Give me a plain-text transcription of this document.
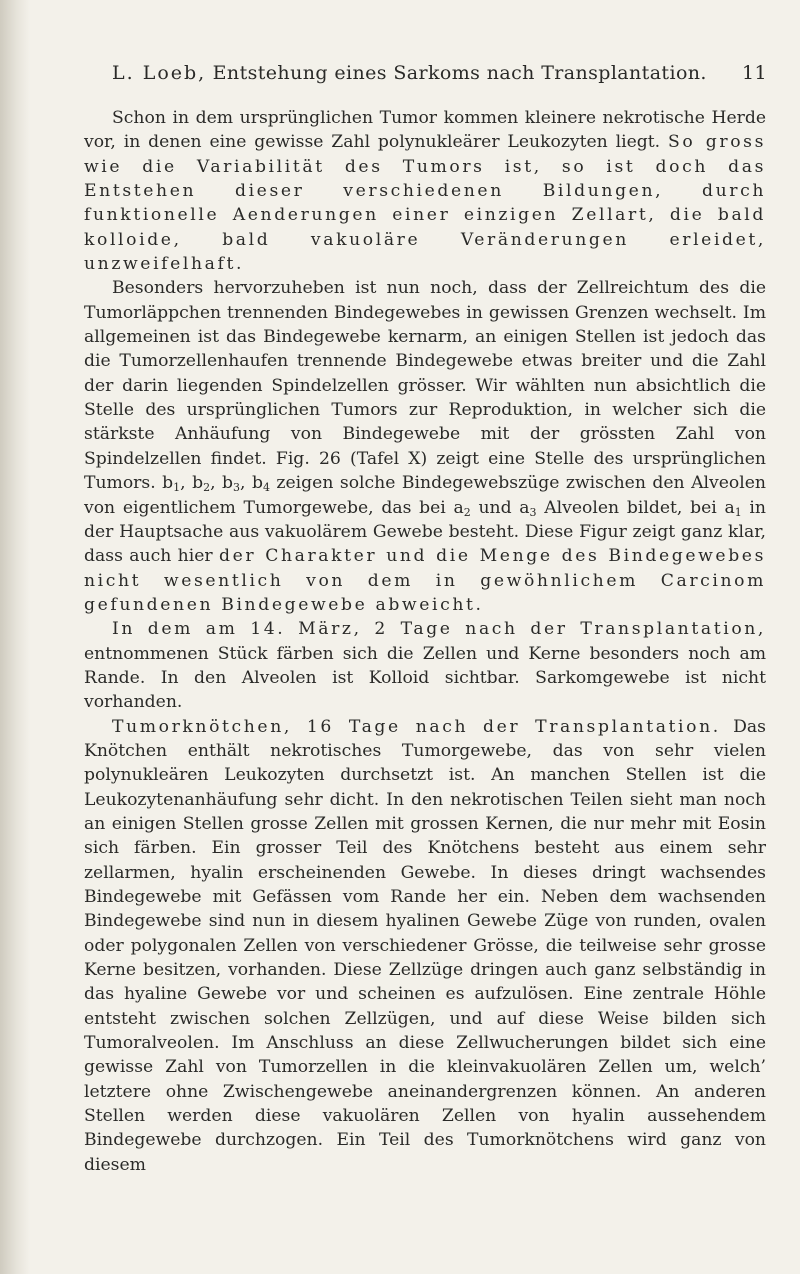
L. Loeb, Entstehung eines Sarkoms nach Transplantation. 11

Schon in dem ursprünglichen Tumor kommen kleinere nekrotische Herde vor, in denen eine gewisse Zahl polynukleärer Leukozyten liegt. So gross wie die Variabilität des Tumors ist, so ist doch das Entstehen dieser verschiedenen Bildungen, durch funktionelle Aenderungen einer einzigen Zellart, die bald kolloide, bald vakuoläre Veränderungen erleidet, unzweifelhaft.

Besonders hervorzuheben ist nun noch, dass der Zellreichtum des die Tumorläppchen trennenden Bindegewebes in gewissen Grenzen wechselt. Im allgemeinen ist das Bindegewebe kernarm, an einigen Stellen ist jedoch das die Tumorzellenhaufen trennende Bindegewebe etwas breiter und die Zahl der darin liegenden Spindelzellen grösser. Wir wählten nun absichtlich die Stelle des ursprünglichen Tumors zur Reproduktion, in welcher sich die stärkste Anhäufung von Bindegewebe mit der grössten Zahl von Spindelzellen findet. Fig. 26 (Tafel X) zeigt eine Stelle des ursprünglichen Tumors. $b_1$, $b_2$, $b_3$, $b_4$ zeigen solche Bindegewebszüge zwischen den Alveolen von eigentlichem Tumorgewebe, das bei $a_2$ und $a_3$ Alveolen bildet, bei $a_1$ in der Hauptsache aus vakuolärem Gewebe besteht. Diese Figur zeigt ganz klar, dass auch hier der Charakter und die Menge des Bindegewebes nicht wesentlich von dem in gewöhnlichem Carcinom gefundenen Bindegewebe abweicht.

In dem am 14. März, 2 Tage nach der Transplantation, entnommenen Stück färben sich die Zellen und Kerne besonders noch am Rande. In den Alveolen ist Kolloid sichtbar. Sarkomgewebe ist nicht vorhanden.

Tumorknötchen, 16 Tage nach der Transplantation. Das Knötchen enthält nekrotisches Tumorgewebe, das von sehr vielen polynukleären Leukozyten durchsetzt ist. An manchen Stellen ist die Leukozytenanhäufung sehr dicht. In den nekrotischen Teilen sieht man noch an einigen Stellen grosse Zellen mit grossen Kernen, die nur mehr mit Eosin sich färben. Ein grosser Teil des Knötchens besteht aus einem sehr zellarmen, hyalin erscheinenden Gewebe. In dieses dringt wachsendes Bindegewebe mit Gefässen vom Rande her ein. Neben dem wachsenden Bindegewebe sind nun in diesem hyalinen Gewebe Züge von runden, ovalen oder polygonalen Zellen von verschiedener Grösse, die teilweise sehr grosse Kerne besitzen, vorhanden. Diese Zellzüge dringen auch ganz selbständig in das hyaline Gewebe vor und scheinen es aufzulösen. Eine zentrale Höhle entsteht zwischen solchen Zellzügen, und auf diese Weise bilden sich Tumoralveolen. Im Anschluss an diese Zellwucherungen bildet sich eine gewisse Zahl von Tumorzellen in die kleinvakuolären Zellen um, welch’ letztere ohne Zwischengewebe aneinandergrenzen können. An anderen Stellen werden diese vakuolären Zellen von hyalin aussehendem Bindegewebe durchzogen. Ein Teil des Tumorknötchens wird ganz von diesem
